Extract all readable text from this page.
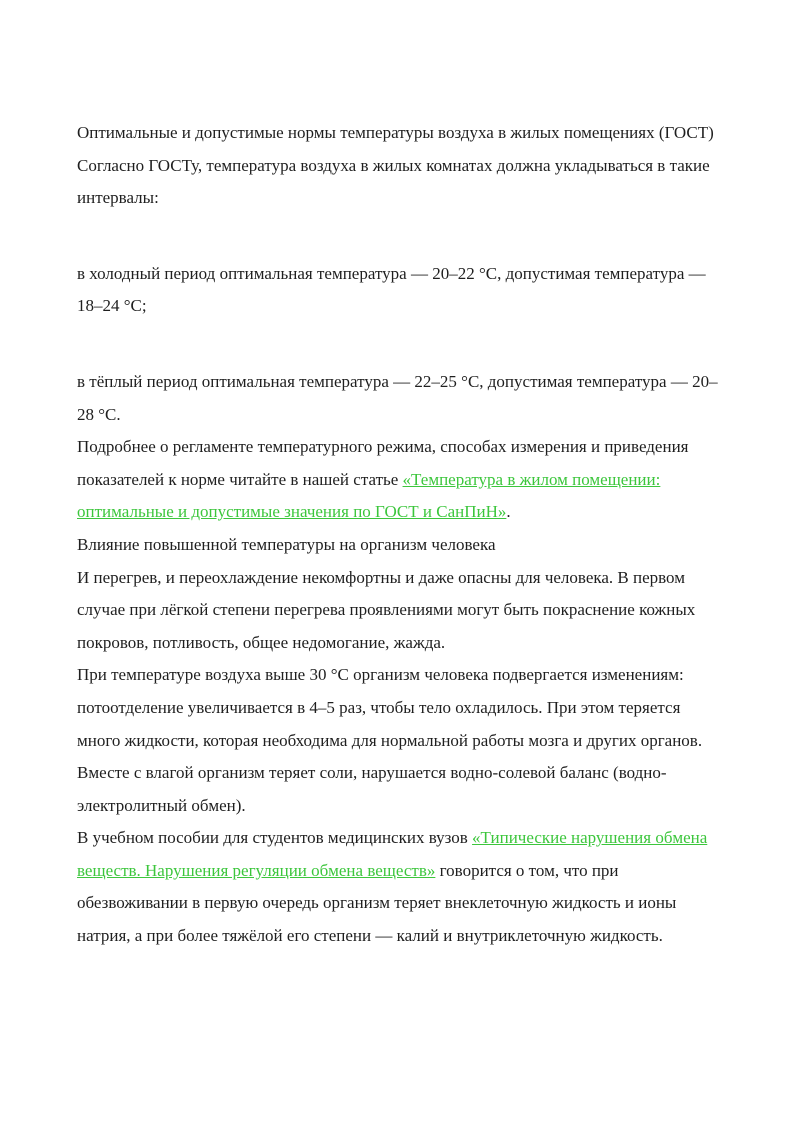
Оптимальные и допустимые нормы температуры воздуха в жилых помещениях (ГОСТ)

Согласно ГОСТу, температура воздуха в жилых комнатах должна укладываться в такие интервалы:

в холодный период оптимальная температура — 20–22 °С, допустимая температура — 18–24 °С;

в тёплый период оптимальная температура — 22–25 °С, допустимая температура — 20–28 °С.

Подробнее о регламенте температурного режима, способах измерения и приведения показателей к норме читайте в нашей статье «Температура в жилом помещении: оптимальные и допустимые значения по ГОСТ и СанПиН».

Влияние повышенной температуры на организм человека

И перегрев, и переохлаждение некомфортны и даже опасны для человека. В первом случае при лёгкой степени перегрева проявлениями могут быть покраснение кожных покровов, потливость, общее недомогание, жажда.

При температуре воздуха выше 30 °С организм человека подвергается изменениям: потоотделение увеличивается в 4–5 раз, чтобы тело охладилось. При этом теряется много жидкости, которая необходима для нормальной работы мозга и других органов. Вместе с влагой организм теряет соли, нарушается водно-солевой баланс (водно-электролитный обмен).

В учебном пособии для студентов медицинских вузов «Типические нарушения обмена веществ. Нарушения регуляции обмена веществ» говорится о том, что при обезвоживании в первую очередь организм теряет внеклеточную жидкость и ионы натрия, а при более тяжёлой его степени — калий и внутриклеточную жидкость.
